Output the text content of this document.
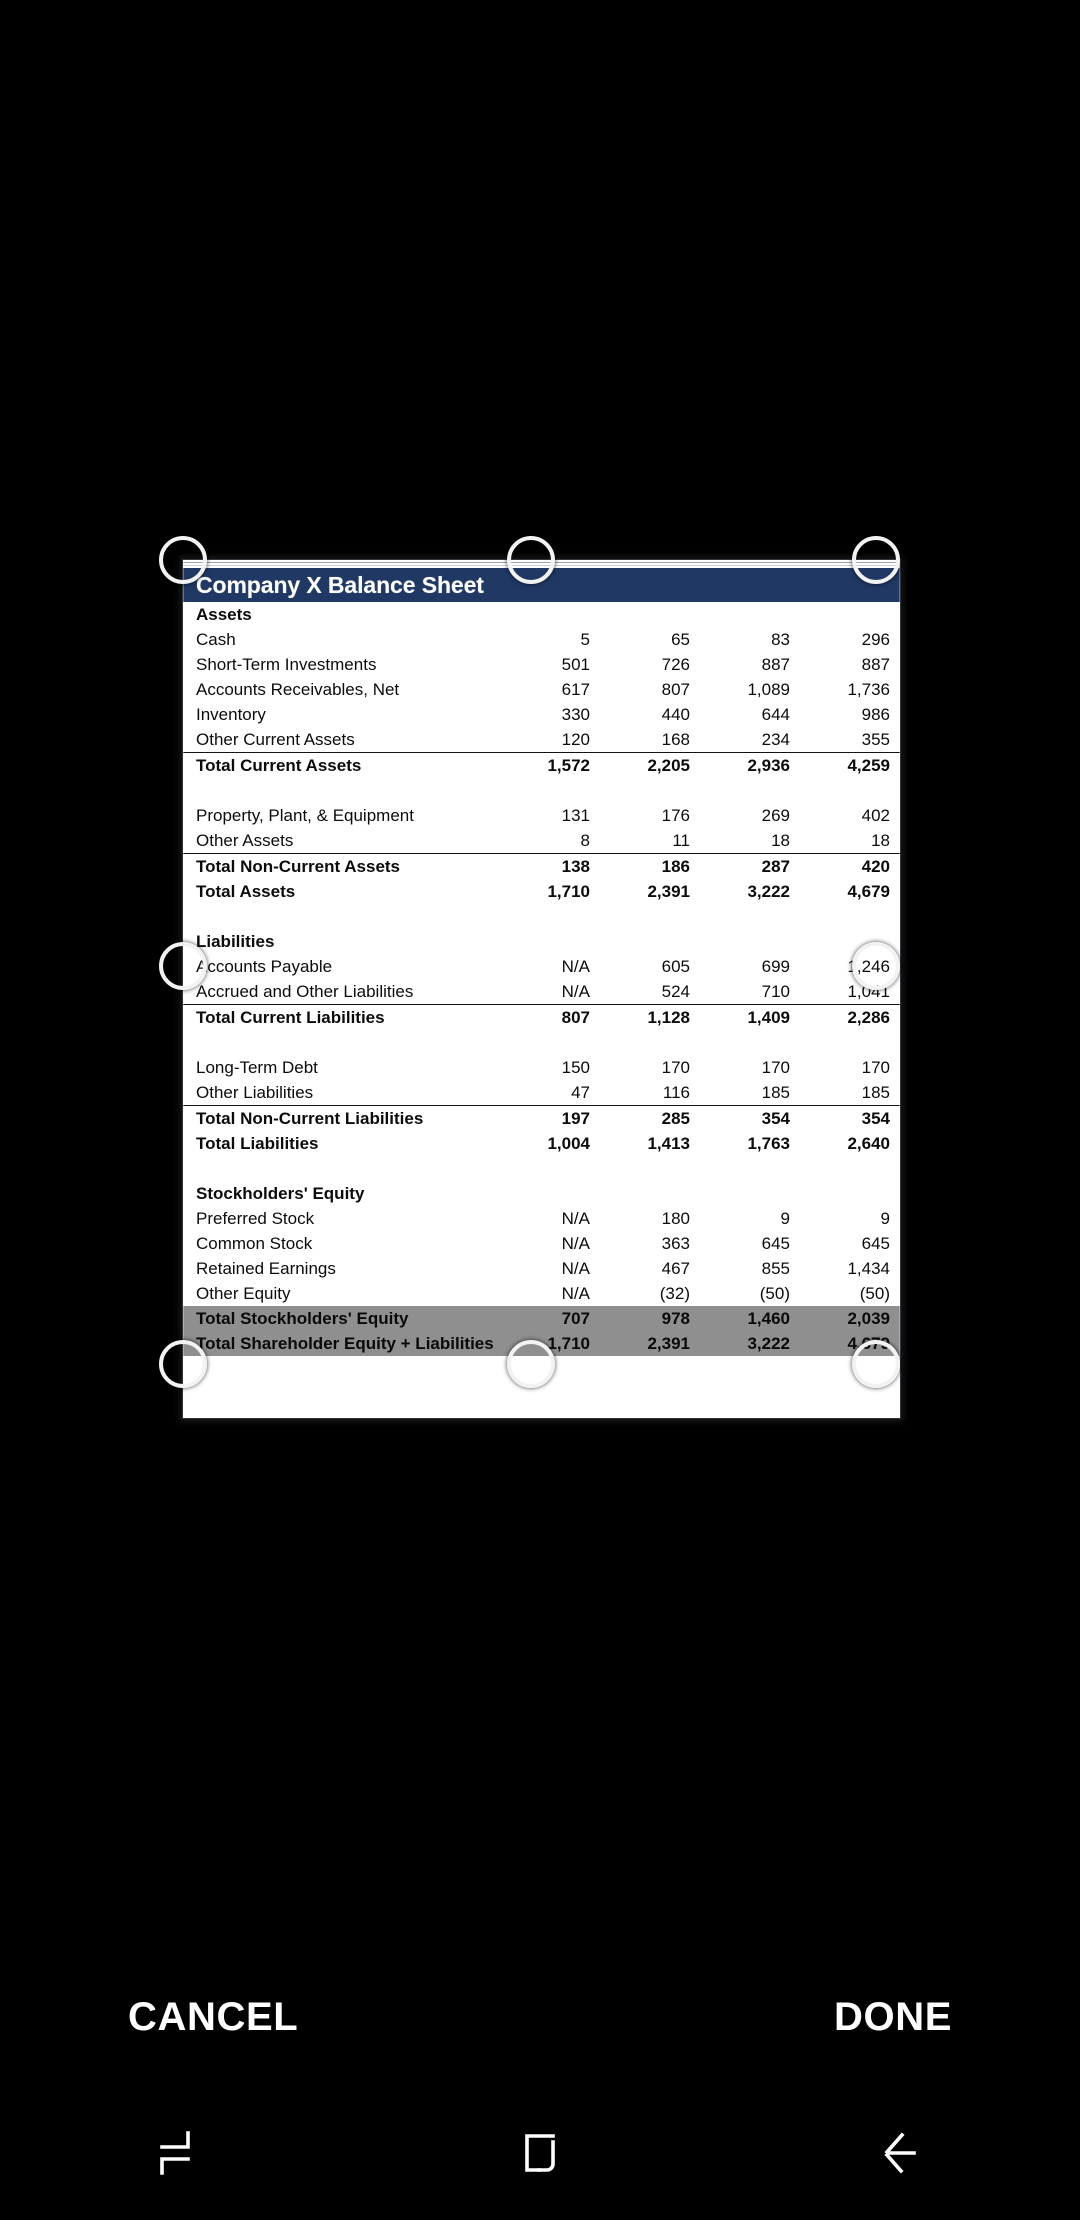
Company X Balance Sheet
Assets				
Cash	5	65	83	296
Short-Term Investments	501	726	887	887
Accounts Receivables, Net	617	807	1,089	1,736
Inventory	330	440	644	986
Other Current Assets	120	168	234	355
Total Current Assets	1,572	2,205	2,936	4,259

Property, Plant, & Equipment	131	176	269	402
Other Assets	8	11	18	18
Total Non-Current Assets	138	186	287	420
Total Assets	1,710	2,391	3,222	4,679

Liabilities				
Accounts Payable	N/A	605	699	1,246
Accrued and Other Liabilities	N/A	524	710	1,041
Total Current Liabilities	807	1,128	1,409	2,286

Long-Term Debt	150	170	170	170
Other Liabilities	47	116	185	185
Total Non-Current Liabilities	197	285	354	354
Total Liabilities	1,004	1,413	1,763	2,640

Stockholders' Equity				
Preferred Stock	N/A	180	9	9
Common Stock	N/A	363	645	645
Retained Earnings	N/A	467	855	1,434
Other Equity	N/A	(32)	(50)	(50)
Total Stockholders' Equity	707	978	1,460	2,039
Total Shareholder Equity + Liabilities	1,710	2,391	3,222	4,679
CANCEL	DONE
